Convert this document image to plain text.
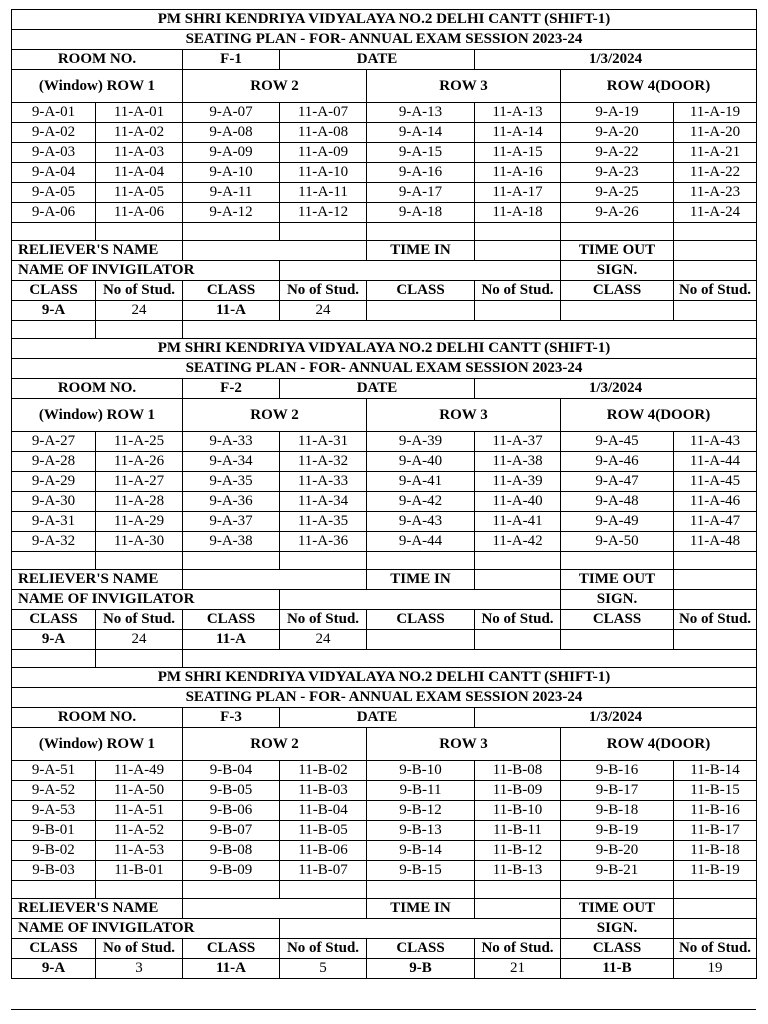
PM SHRI KENDRIYA VIDYALAYA NO.2 DELHI CANTT (SHIFT-1)							
SEATING PLAN - FOR- ANNUAL EXAM SESSION 2023-24							
ROOM NO.		F-1	DATE		1/3/2024		
(Window) ROW 1		ROW 2		ROW 3		ROW 4(DOOR)	
9-A-01	11-A-01	9-A-07	11-A-07	9-A-13	11-A-13	9-A-19	11-A-19
9-A-02	11-A-02	9-A-08	11-A-08	9-A-14	11-A-14	9-A-20	11-A-20
9-A-03	11-A-03	9-A-09	11-A-09	9-A-15	11-A-15	9-A-22	11-A-21
9-A-04	11-A-04	9-A-10	11-A-10	9-A-16	11-A-16	9-A-23	11-A-22
9-A-05	11-A-05	9-A-11	11-A-11	9-A-17	11-A-17	9-A-25	11-A-23
9-A-06	11-A-06	9-A-12	11-A-12	9-A-18	11-A-18	9-A-26	11-A-24

RELIEVER'S NAME				TIME IN		TIME OUT	
NAME OF INVIGILATOR						SIGN.	
CLASS	No of Stud.	CLASS	No of Stud.	CLASS	No of Stud.	CLASS	No of Stud.
9-A	24	11-A	24				

PM SHRI KENDRIYA VIDYALAYA NO.2 DELHI CANTT (SHIFT-1)							
SEATING PLAN - FOR- ANNUAL EXAM SESSION 2023-24							
ROOM NO.		F-2	DATE		1/3/2024		
(Window) ROW 1		ROW 2		ROW 3		ROW 4(DOOR)	
9-A-27	11-A-25	9-A-33	11-A-31	9-A-39	11-A-37	9-A-45	11-A-43
9-A-28	11-A-26	9-A-34	11-A-32	9-A-40	11-A-38	9-A-46	11-A-44
9-A-29	11-A-27	9-A-35	11-A-33	9-A-41	11-A-39	9-A-47	11-A-45
9-A-30	11-A-28	9-A-36	11-A-34	9-A-42	11-A-40	9-A-48	11-A-46
9-A-31	11-A-29	9-A-37	11-A-35	9-A-43	11-A-41	9-A-49	11-A-47
9-A-32	11-A-30	9-A-38	11-A-36	9-A-44	11-A-42	9-A-50	11-A-48

RELIEVER'S NAME				TIME IN		TIME OUT	
NAME OF INVIGILATOR						SIGN.	
CLASS	No of Stud.	CLASS	No of Stud.	CLASS	No of Stud.	CLASS	No of Stud.
9-A	24	11-A	24				

PM SHRI KENDRIYA VIDYALAYA NO.2 DELHI CANTT (SHIFT-1)							
SEATING PLAN - FOR- ANNUAL EXAM SESSION 2023-24							
ROOM NO.		F-3	DATE		1/3/2024		
(Window) ROW 1		ROW 2		ROW 3		ROW 4(DOOR)	
9-A-51	11-A-49	9-B-04	11-B-02	9-B-10	11-B-08	9-B-16	11-B-14
9-A-52	11-A-50	9-B-05	11-B-03	9-B-11	11-B-09	9-B-17	11-B-15
9-A-53	11-A-51	9-B-06	11-B-04	9-B-12	11-B-10	9-B-18	11-B-16
9-B-01	11-A-52	9-B-07	11-B-05	9-B-13	11-B-11	9-B-19	11-B-17
9-B-02	11-A-53	9-B-08	11-B-06	9-B-14	11-B-12	9-B-20	11-B-18
9-B-03	11-B-01	9-B-09	11-B-07	9-B-15	11-B-13	9-B-21	11-B-19

RELIEVER'S NAME				TIME IN		TIME OUT	
NAME OF INVIGILATOR						SIGN.	
CLASS	No of Stud.	CLASS	No of Stud.	CLASS	No of Stud.	CLASS	No of Stud.
9-A	3	11-A	5	9-B	21	11-B	19
